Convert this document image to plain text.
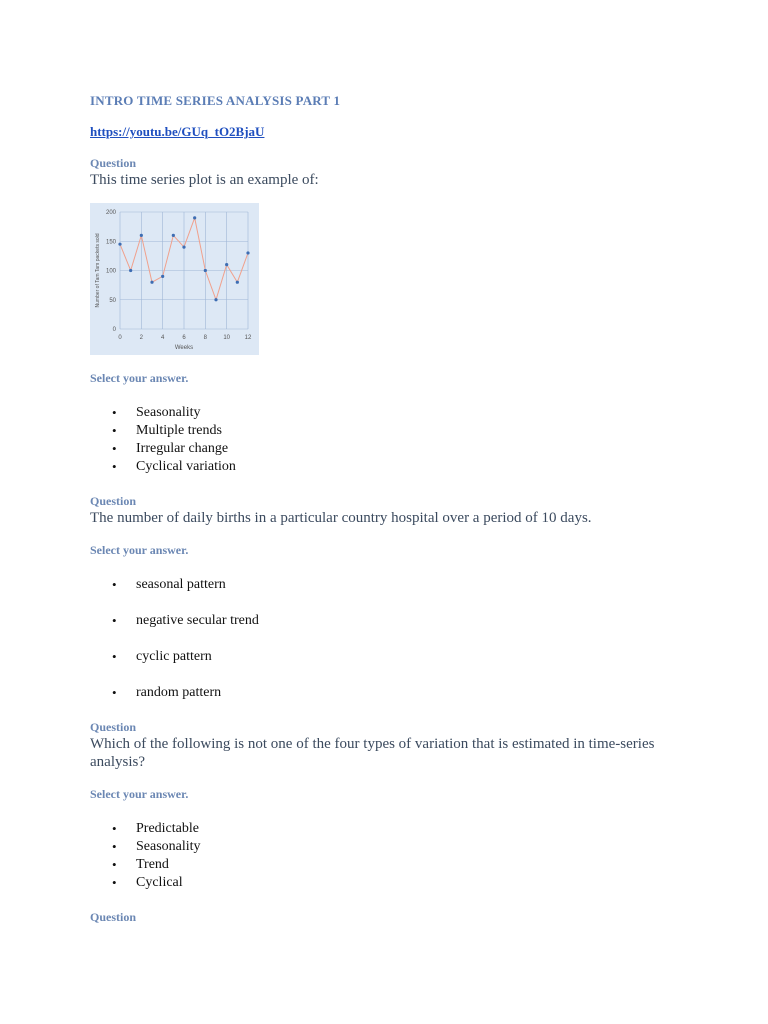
INTRO TIME SERIES ANALYSIS PART 1
https://youtu.be/GUq_tO2BjaU
Question
This time series plot is an example of:
0	2	4	6	8	10 12
0
50
100
150
200
Weeks
Number of Tam Tam packets sold
Select your answer.
• Seasonality
• Multiple trends
• Irregular change
• Cyclical variation
Question
The number of daily births in a particular country hospital over a period of 10 days.
Select your answer.
• seasonal pattern
• negative secular trend
• cyclic pattern
• random pattern
Question
Which of the following is not one of the four types of variation that is estimated in time-series analysis?
Select your answer.
• Predictable
• Seasonality
• Trend
• Cyclical
Question
